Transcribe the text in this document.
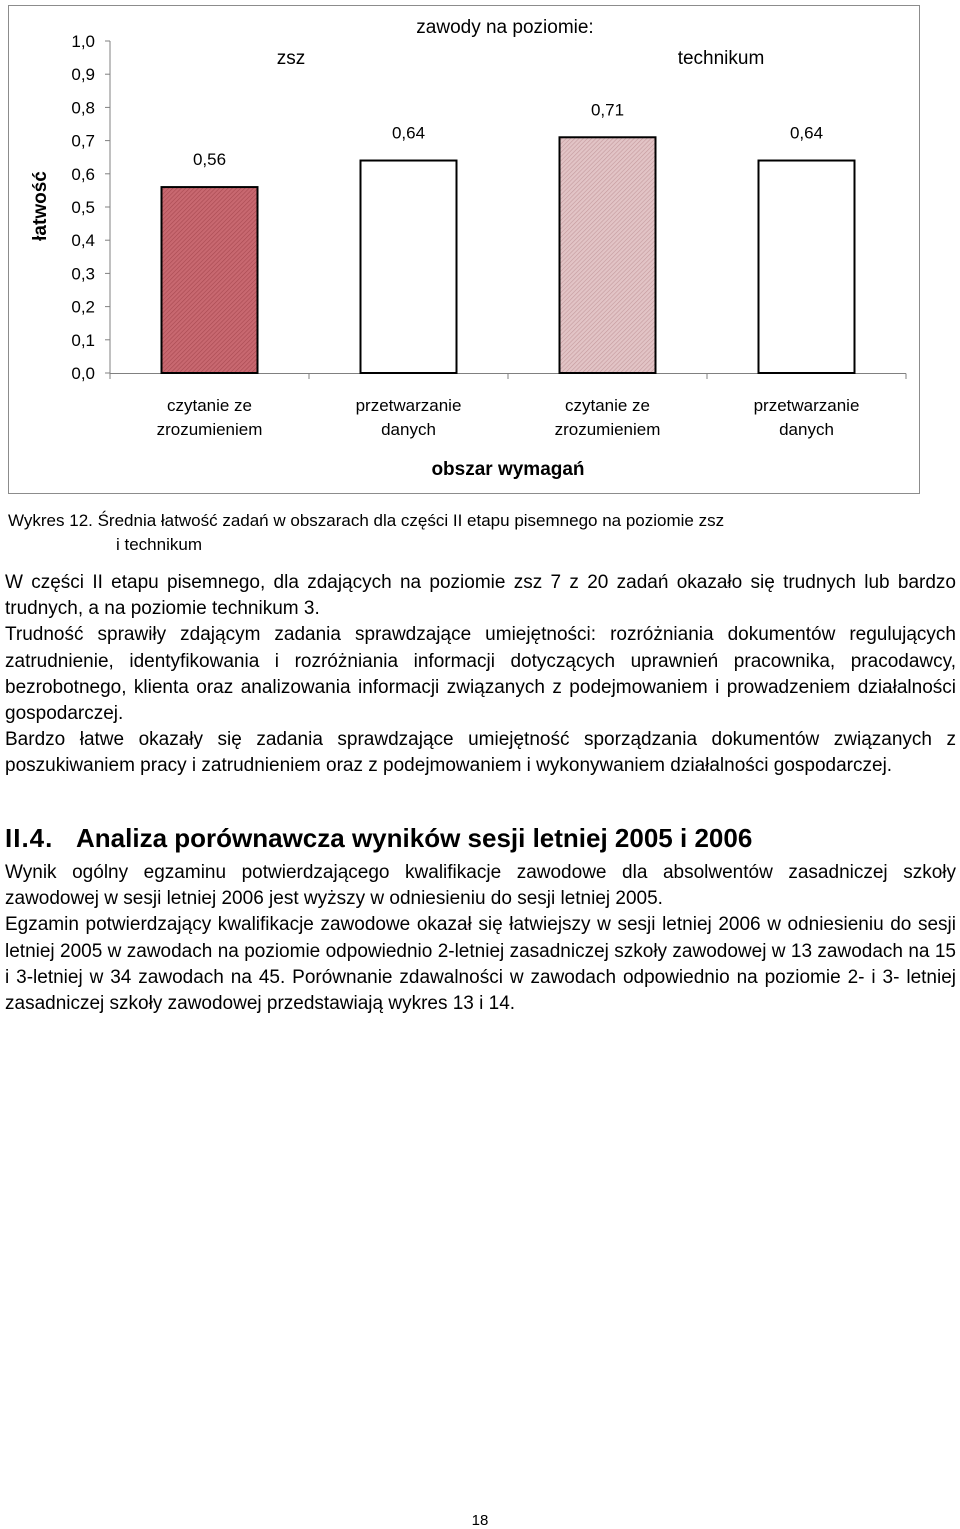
0,0
0,1
0,2
0,3
0,4
0,5
0,6
0,7
0,8
0,9
1,0
0,56
czytanie ze zrozumieniem
0,64
przetwarzanie danych
0,71
czytanie ze zrozumieniem
0,64
przetwarzanie danych
zawody na poziomie:
zsz	technikum
obszar wymagań
łatwość
Wykres 12. Średnia łatwość zadań w obszarach dla części II etapu pisemnego na poziomie zsz
i technikum

W części II etapu pisemnego, dla zdających na poziomie zsz 7 z 20 zadań okazało się trudnych lub bardzo trudnych, a na poziomie technikum 3.

Trudność sprawiły zdającym zadania sprawdzające umiejętności: rozróżniania dokumentów regulujących zatrudnienie, identyfikowania i rozróżniania informacji dotyczących uprawnień pracownika, pracodawcy, bezrobotnego, klienta oraz analizowania informacji związanych z podejmowaniem i prowadzeniem działalności gospodarczej.

Bardzo łatwe okazały się zadania sprawdzające umiejętność sporządzania dokumentów związanych z poszukiwaniem pracy i zatrudnieniem oraz z podejmowaniem i wykonywaniem działalności gospodarczej.

II.4. Analiza porównawcza wyników sesji letniej 2005 i 2006

Wynik ogólny egzaminu potwierdzającego kwalifikacje zawodowe dla absolwentów zasadniczej szkoły zawodowej w sesji letniej 2006 jest wyższy w odniesieniu do sesji letniej 2005.

Egzamin potwierdzający kwalifikacje zawodowe okazał się łatwiejszy w sesji letniej 2006 w odniesieniu do sesji letniej 2005 w zawodach na poziomie odpowiednio 2-letniej zasadniczej szkoły zawodowej w 13 zawodach na 15 i 3-letniej w 34 zawodach na 45. Porównanie zdawalności w zawodach odpowiednio na poziomie 2- i 3- letniej zasadniczej szkoły zawodowej przedstawiają wykres 13 i 14.

18
